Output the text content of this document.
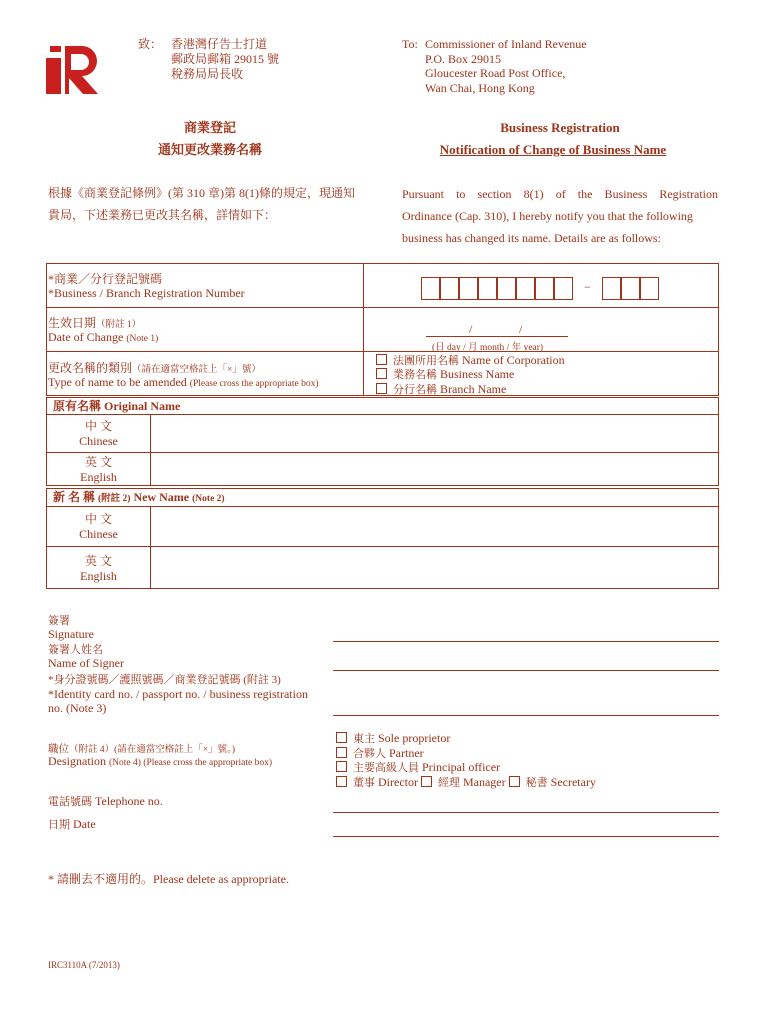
致： 香港灣仔告士打道
郵政局郵箱 29015 號
稅務局局長收
To: Commissioner of Inland Revenue
P.O. Box 29015
Gloucester Road Post Office,
Wan Chai, Hong Kong
商業登記
通知更改業務名稱
Business Registration
Notification of Change of Business Name
根據《商業登記條例》(第 310 章)第 8(1)條的規定，現通知
貴局，下述業務已更改其名稱，詳情如下：
Pursuant to section 8(1) of the Business Registration
Ordinance (Cap. 310), I hereby notify you that the following
business has changed its name. Details are as follows:
*商業／分行登記號碼
*Business / Branch Registration Number	−
生效日期（附註 1）
Date of Change (Note 1)
/	/
(日 day / 月 month / 年 year)
更改名稱的類別（請在適當空格註上「×」號）
Type of name to be amended (Please cross the appropriate box)
法團所用名稱 Name of Corporation
業務名稱 Business Name
分行名稱 Branch Name
原有名稱 Original Name
中 文
Chinese
英 文
English
新 名 稱 (附註 2) New Name (Note 2)
中 文
Chinese
英 文
English
簽署
Signature
簽署人姓名
Name of Signer
*身分證號碼／護照號碼／商業登記號碼 (附註 3)
*Identity card no. / passport no. / business registration
no. (Note 3)
職位（附註 4）(請在適當空格註上「×」號。)
Designation (Note 4) (Please cross the appropriate box)
東主 Sole proprietor
合夥人 Partner
主要高級人員 Principal officer
董事 Director 經理 Manager 秘書 Secretary
電話號碼 Telephone no.
日期 Date
* 請刪去不適用的。Please delete as appropriate.
IRC3110A (7/2013)
